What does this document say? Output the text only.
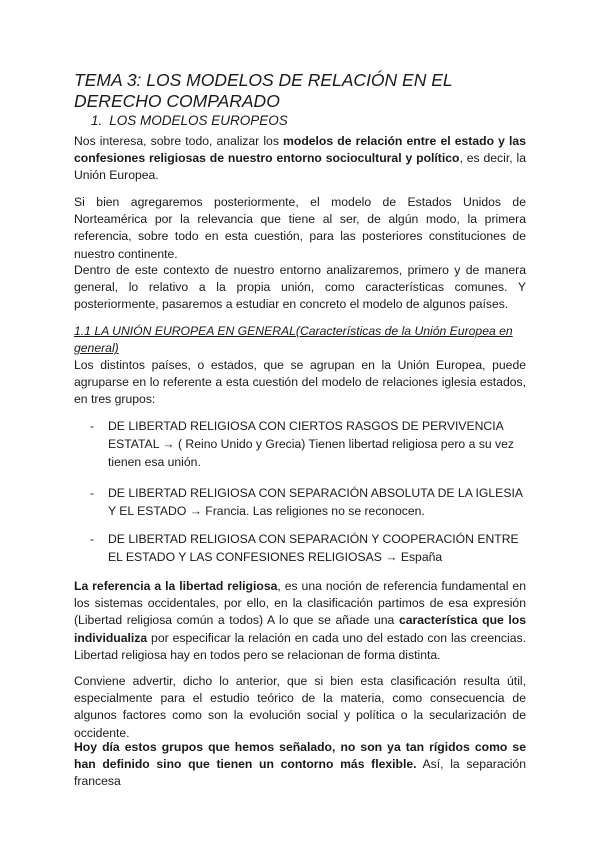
TEMA 3: LOS MODELOS DE RELACIÓN EN EL DERECHO COMPARADO
1. LOS MODELOS EUROPEOS

Nos interesa, sobre todo, analizar los modelos de relación entre el estado y las confesiones religiosas de nuestro entorno sociocultural y político, es decir, la Unión Europea.

Si bien agregaremos posteriormente, el modelo de Estados Unidos de Norteamérica por la relevancia que tiene al ser, de algún modo, la primera referencia, sobre todo en esta cuestión, para las posteriores constituciones de nuestro continente.

Dentro de este contexto de nuestro entorno analizaremos, primero y de manera general, lo relativo a la propia unión, como características comunes. Y posteriormente, pasaremos a estudiar en concreto el modelo de algunos países.

1.1 LA UNIÓN EUROPEA EN GENERAL(Características de la Unión Europea en general)

Los distintos países, o estados, que se agrupan en la Unión Europea, puede agruparse en lo referente a esta cuestión del modelo de relaciones iglesia estados, en tres grupos:

- DE LIBERTAD RELIGIOSA CON CIERTOS RASGOS DE PERVIVENCIA ESTATAL → ( Reino Unido y Grecia) Tienen libertad religiosa pero a su vez tienen esa unión.
- DE LIBERTAD RELIGIOSA CON SEPARACIÓN ABSOLUTA DE LA IGLESIA Y EL ESTADO → Francia. Las religiones no se reconocen.
- DE LIBERTAD RELIGIOSA CON SEPARACIÓN Y COOPERACIÓN ENTRE EL ESTADO Y LAS CONFESIONES RELIGIOSAS → España

La referencia a la libertad religiosa, es una noción de referencia fundamental en los sistemas occidentales, por ello, en la clasificación partimos de esa expresión (Libertad religiosa común a todos) A lo que se añade una característica que los individualiza por especificar la relación en cada uno del estado con las creencias. Libertad religiosa hay en todos pero se relacionan de forma distinta.

Conviene advertir, dicho lo anterior, que si bien esta clasificación resulta útil, especialmente para el estudio teórico de la materia, como consecuencia de algunos factores como son la evolución social y política o la secularización de occidente.

Hoy día estos grupos que hemos señalado, no son ya tan rígidos como se han definido sino que tienen un contorno más flexible. Así, la separación francesa
